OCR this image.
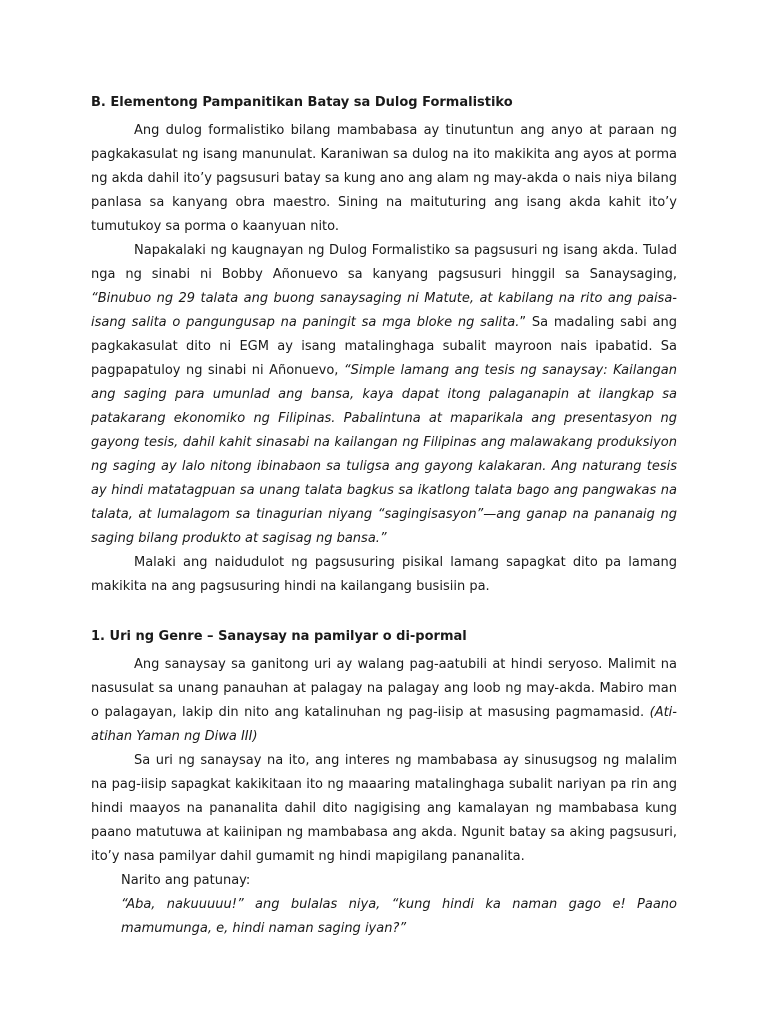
B. Elementong Pampanitikan Batay sa Dulog Formalistiko

Ang dulog formalistiko bilang mambabasa ay tinutuntun ang anyo at paraan ng pagkakasulat ng isang manunulat. Karaniwan sa dulog na ito makikita ang ayos at porma ng akda dahil ito’y pagsusuri batay sa kung ano ang alam ng may-akda o nais niya bilang panlasa sa kanyang obra maestro. Sining na maituturing ang isang akda kahit ito’y tumutukoy sa porma o kaanyuan nito.

Napakalaki ng kaugnayan ng Dulog Formalistiko sa pagsusuri ng isang akda. Tulad nga ng sinabi ni Bobby Añonuevo sa kanyang pagsusuri hinggil sa Sanaysaging, “Binubuo ng 29 talata ang buong sanaysaging ni Matute, at kabilang na rito ang paisa-isang salita o pangungusap na paningit sa mga bloke ng salita.” Sa madaling sabi ang pagkakasulat dito ni EGM ay isang matalinghaga subalit mayroon nais ipabatid. Sa pagpapatuloy ng sinabi ni Añonuevo, “Simple lamang ang tesis ng sanaysay: Kailangan ang saging para umunlad ang bansa, kaya dapat itong palaganapin at ilangkap sa patakarang ekonomiko ng Filipinas. Pabalintuna at maparikala ang presentasyon ng gayong tesis, dahil kahit sinasabi na kailangan ng Filipinas ang malawakang produksiyon ng saging ay lalo nitong ibinabaon sa tuligsa ang gayong kalakaran. Ang naturang tesis ay hindi matatagpuan sa unang talata bagkus sa ikatlong talata bago ang pangwakas na talata, at lumalagom sa tinagurian niyang “sagingisasyon”—ang ganap na pananaig ng saging bilang produkto at sagisag ng bansa.”

Malaki ang naidudulot ng pagsusuring pisikal lamang sapagkat dito pa lamang makikita na ang pagsusuring hindi na kailangang busisiin pa.

1. Uri ng Genre – Sanaysay na pamilyar o di-pormal

Ang sanaysay sa ganitong uri ay walang pag-aatubili at hindi seryoso. Malimit na nasusulat sa unang panauhan at palagay na palagay ang loob ng may-akda. Mabiro man o palagayan, lakip din nito ang katalinuhan ng pag-iisip at masusing pagmamasid. (Ati-atihan Yaman ng Diwa III)

Sa uri ng sanaysay na ito, ang interes ng mambabasa ay sinusugsog ng malalim na pag-iisip sapagkat kakikitaan ito ng maaaring matalinghaga subalit nariyan pa rin ang hindi maayos na pananalita dahil dito nagigising ang kamalayan ng mambabasa kung paano matutuwa at kaiinipan ng mambabasa ang akda. Ngunit batay sa aking pagsusuri, ito’y nasa pamilyar dahil gumamit ng hindi mapigilang pananalita.

Narito ang patunay:

“Aba, nakuuuuu!” ang bulalas niya, “kung hindi ka naman gago e! Paano mamumunga, e, hindi naman saging iyan?”
